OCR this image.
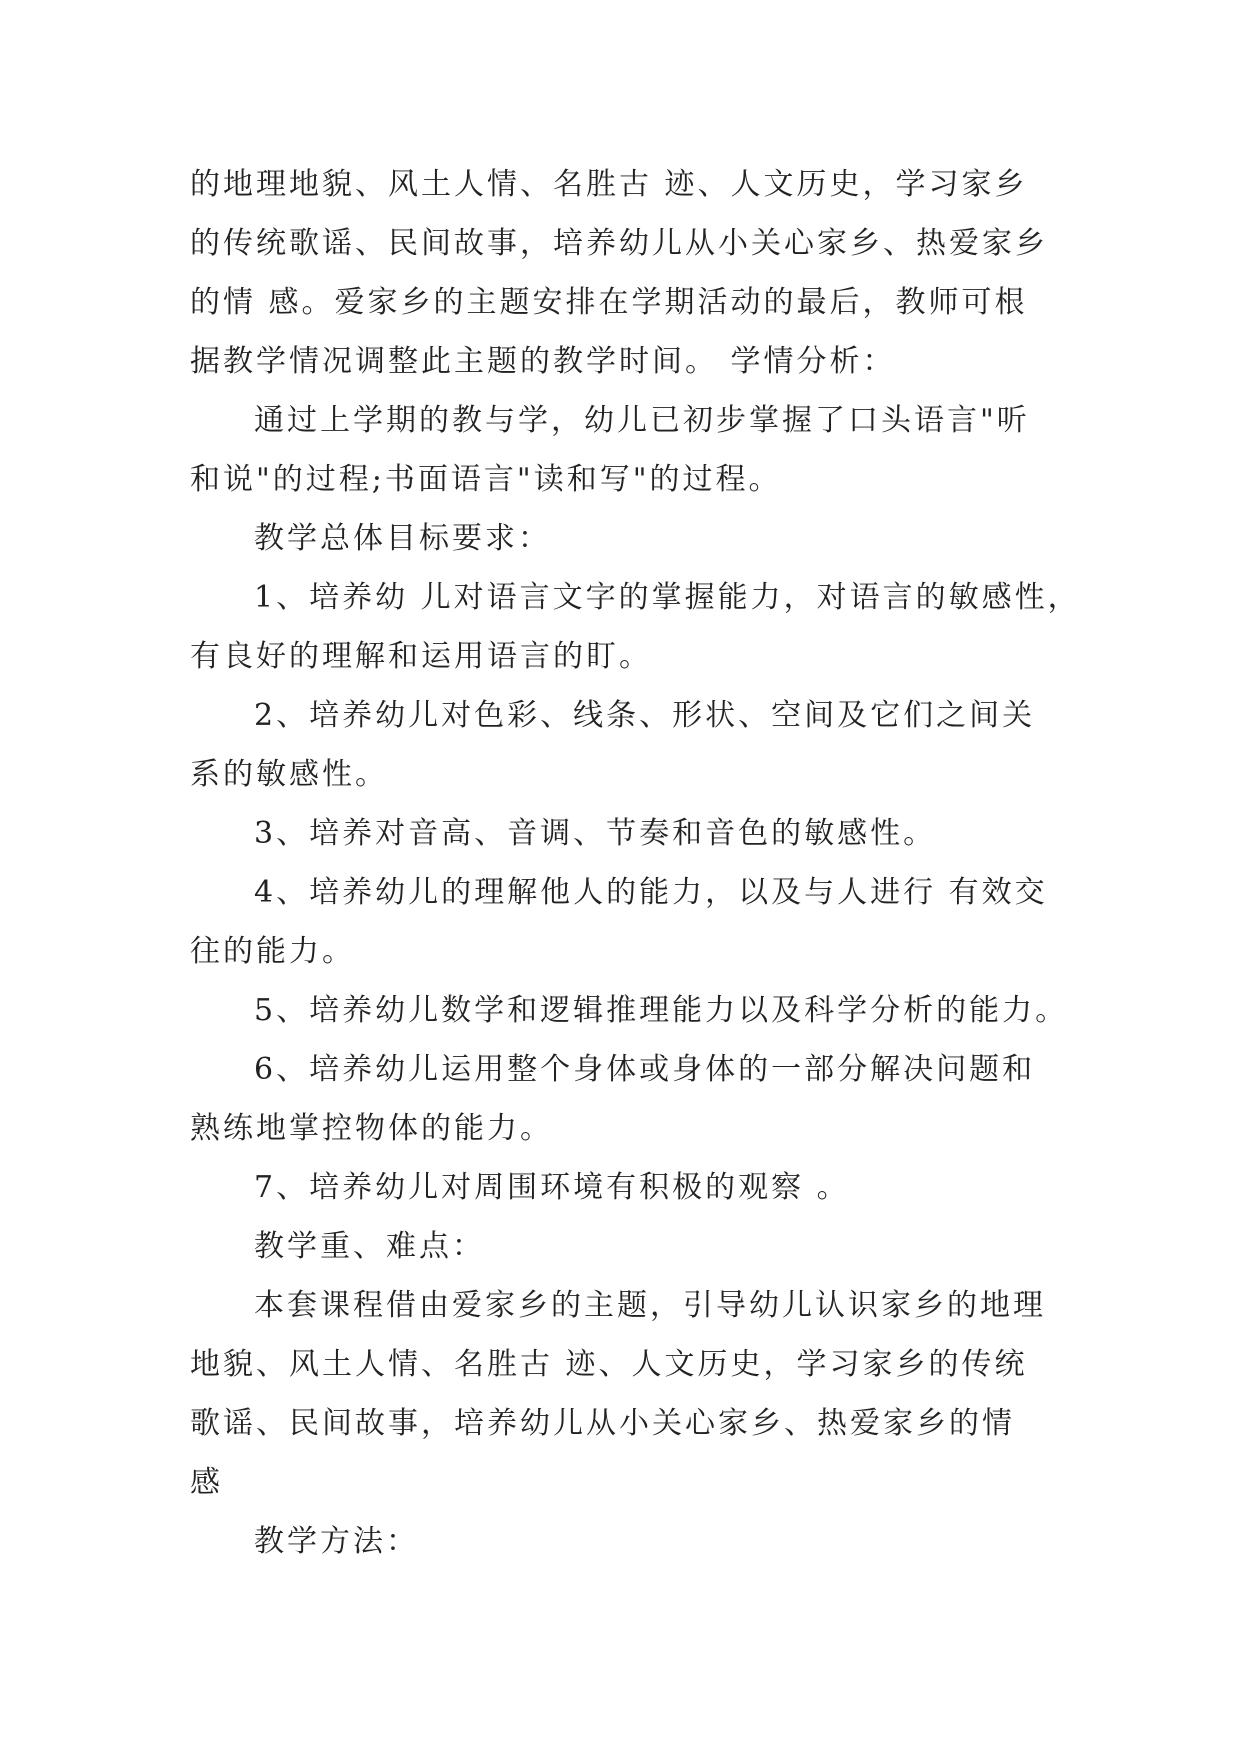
的地理地貌、风土人情、名胜古 迹、人文历史，学习家乡
的传统歌谣、民间故事，培养幼儿从小关心家乡、热爱家乡
的情 感。爱家乡的主题安排在学期活动的最后，教师可根
据教学情况调整此主题的教学时间。 学情分析：

通过上学期的教与学，幼儿已初步掌握了口头语言"听
和说"的过程;书面语言"读和写"的过程。

教学总体目标要求：

1、培养幼 儿对语言文字的掌握能力，对语言的敏感性，
有良好的理解和运用语言的盯。

2、培养幼儿对色彩、线条、形状、空间及它们之间关
系的敏感性。

3、培养对音高、音调、节奏和音色的敏感性。

4、培养幼儿的理解他人的能力，以及与人进行 有效交
往的能力。

5、培养幼儿数学和逻辑推理能力以及科学分析的能力。

6、培养幼儿运用整个身体或身体的一部分解决问题和
熟练地掌控物体的能力。

7、培养幼儿对周围环境有积极的观察 。

教学重、难点：

本套课程借由爱家乡的主题，引导幼儿认识家乡的地理
地貌、风土人情、名胜古 迹、人文历史，学习家乡的传统
歌谣、民间故事，培养幼儿从小关心家乡、热爱家乡的情
感

教学方法：
